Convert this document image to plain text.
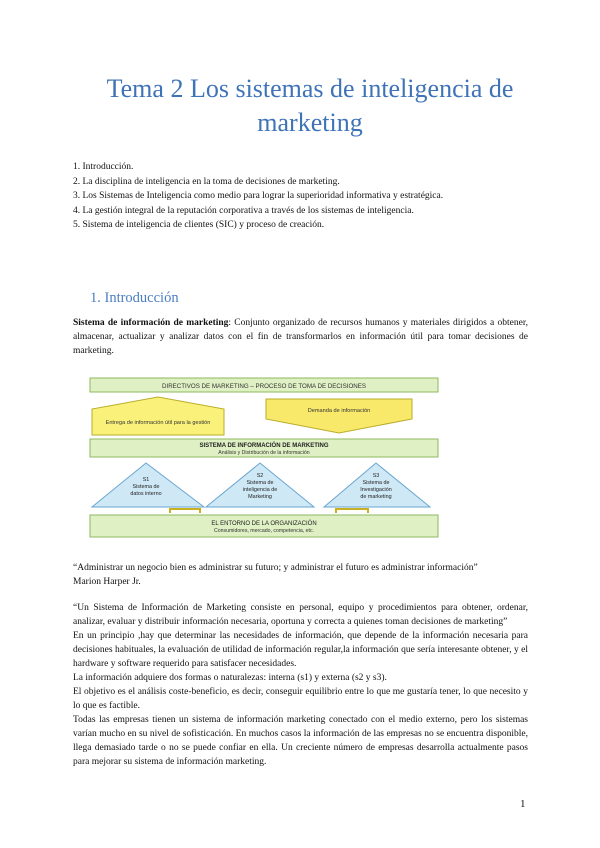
Tema 2 Los sistemas de inteligencia de marketing
1. Introducción.
2. La disciplina de inteligencia en la toma de decisiones de marketing.
3. Los Sistemas de Inteligencia como medio para lograr la superioridad informativa y estratégica.
4. La gestión integral de la reputación corporativa a través de los sistemas de inteligencia.
5. Sistema de inteligencia de clientes (SIC) y proceso de creación.
1. Introducción

Sistema de información de marketing: Conjunto organizado de recursos humanos y materiales dirigidos a obtener, almacenar, actualizar y analizar datos con el fin de transformarlos en información útil para tomar decisiones de marketing.

DIRECTIVOS DE MARKETING – PROCESO DE TOMA DE DECISIONES
Entrega de información útil para la gestión
Demanda de información
SISTEMA DE INFORMACIÓN DE MARKETING
Análisis y Distribución de la información
S1
Sistema de
datos interno
S2
Sistema de
inteligencia de
Marketing
S3
Sistema de
Investigación
de marketing
EL ENTORNO DE LA ORGANIZACIÓN
Consumidores, mercado, competencia, etc.

“Administrar un negocio bien es administrar su futuro; y administrar el futuro es administrar información”

Marion Harper Jr.

“Un Sistema de Información de Marketing consiste en personal, equipo y procedimientos para obtener, ordenar, analizar, evaluar y distribuir información necesaria, oportuna y correcta a quienes toman decisiones de marketing”

En un principio ,hay que determinar las necesidades de información, que depende de la información necesaria para decisiones habituales, la evaluación de utilidad de información regular,la información que sería interesante obtener, y el hardware y software requerido para satisfacer necesidades.

La información adquiere dos formas o naturalezas: interna (s1) y externa (s2 y s3).

El objetivo es el análisis coste-beneficio, es decir, conseguir equilibrio entre lo que me gustaría tener, lo que necesito y lo que es factible.

Todas las empresas tienen un sistema de información marketing conectado con el medio externo, pero los sistemas varían mucho en su nivel de sofisticación. En muchos casos la información de las empresas no se encuentra disponible, llega demasiado tarde o no se puede confiar en ella. Un creciente número de empresas desarrolla actualmente pasos para mejorar su sistema de información marketing.

1
